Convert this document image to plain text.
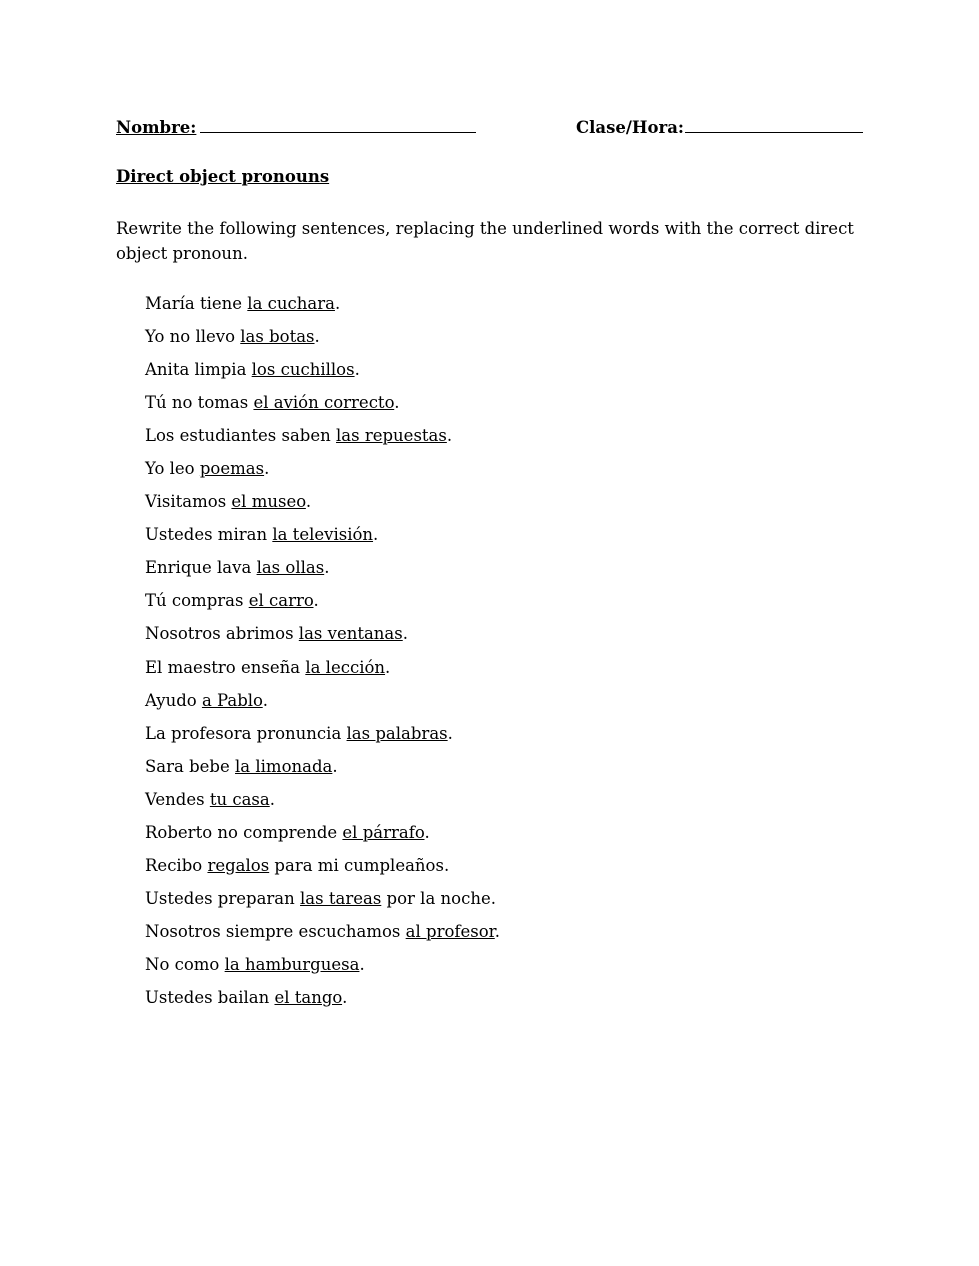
Nombre:	Clase/Hora:
Direct object pronouns
Rewrite the following sentences, replacing the underlined words with the correct direct object pronoun.
María tiene la cuchara.
Yo no llevo las botas.
Anita limpia los cuchillos.
Tú no tomas el avión correcto.
Los estudiantes saben las repuestas.
Yo leo poemas.
Visitamos el museo.
Ustedes miran la televisión.
Enrique lava las ollas.
Tú compras el carro.
Nosotros abrimos las ventanas.
El maestro enseña la lección.
Ayudo a Pablo.
La profesora pronuncia las palabras.
Sara bebe la limonada.
Vendes tu casa.
Roberto no comprende el párrafo.
Recibo regalos para mi cumpleaños.
Ustedes preparan las tareas por la noche.
Nosotros siempre escuchamos al profesor.
No como la hamburguesa.
Ustedes bailan el tango.
